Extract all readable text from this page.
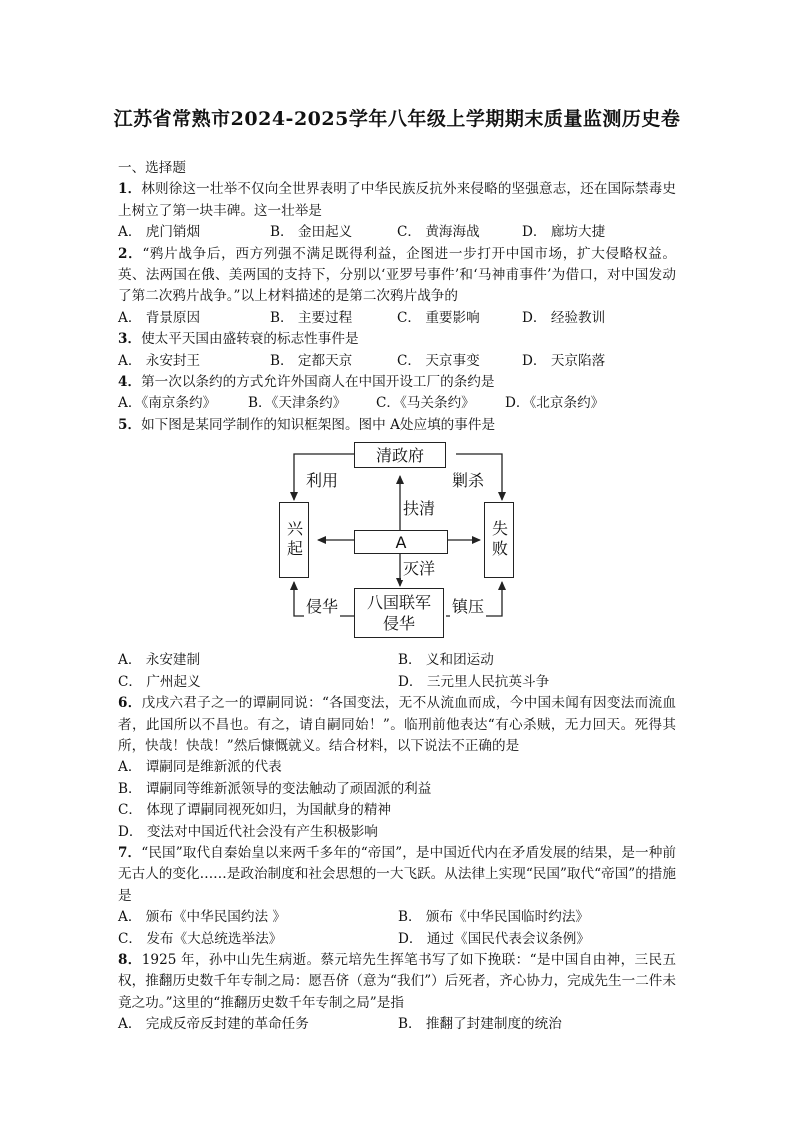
江苏省常熟市2024-2025学年八年级上学期期末质量监测历史卷

一、选择题

1．林则徐这一壮举不仅向全世界表明了中华民族反抗外来侵略的坚强意志，还在国际禁毒史上树立了第一块丰碑。这一壮举是

A． 虎门销烟	B． 金田起义	C． 黄海海战	D． 廊坊大捷

2．“鸦片战争后，西方列强不满足既得利益，企图进一步打开中国市场，扩大侵略权益。英、法两国在俄、美两国的支持下，分别以‘亚罗号事件’和‘马神甫事件’为借口，对中国发动了第二次鸦片战争。”以上材料描述的是第二次鸦片战争的

A． 背景原因	B． 主要过程	C． 重要影响	D． 经验教训

3．使太平天国由盛转衰的标志性事件是

A． 永安封王	B． 定都天京	C． 天京事变	D． 天京陷落

4．第一次以条约的方式允许外国商人在中国开设工厂的条约是

A．《南京条约》	B．《天津条约》	C．《马关条约》	D．《北京条约》

5．如下图是某同学制作的知识框架图。图中 A处应填的事件是

清政府
兴起	失败
A
八国联军侵华
利用	剿杀
扶清
灭洋
侵华	镇压
A． 永安建制	B． 义和团运动
C． 广州起义	D． 三元里人民抗英斗争

6．戊戌六君子之一的谭嗣同说：“各国变法，无不从流血而成，今中国未闻有因变法而流血者，此国所以不昌也。有之，请自嗣同始！”。临刑前他表达“有心杀贼，无力回天。死得其所，快哉！快哉！”然后慷慨就义。结合材料，以下说法不正确的是

A． 谭嗣同是维新派的代表

B． 谭嗣同等维新派领导的变法触动了顽固派的利益

C． 体现了谭嗣同视死如归，为国献身的精神

D． 变法对中国近代社会没有产生积极影响

7．“民国”取代自秦始皇以来两千多年的“帝国”，是中国近代内在矛盾发展的结果，是一种前无古人的变化……是政治制度和社会思想的一大飞跃。从法律上实现“民国”取代“帝国”的措施是

A． 颁布《中华民国约法 》	B． 颁布《中华民国临时约法》
C． 发布《大总统选举法》	D． 通过《国民代表会议条例》

8．1925 年，孙中山先生病逝。蔡元培先生挥笔书写了如下挽联：“是中国自由神，三民五权，推翻历史数千年专制之局：愿吾侪（意为“我们”）后死者，齐心协力，完成先生一二件未竟之功。”这里的“推翻历史数千年专制之局”是指

A． 完成反帝反封建的革命任务	B． 推翻了封建制度的统治
